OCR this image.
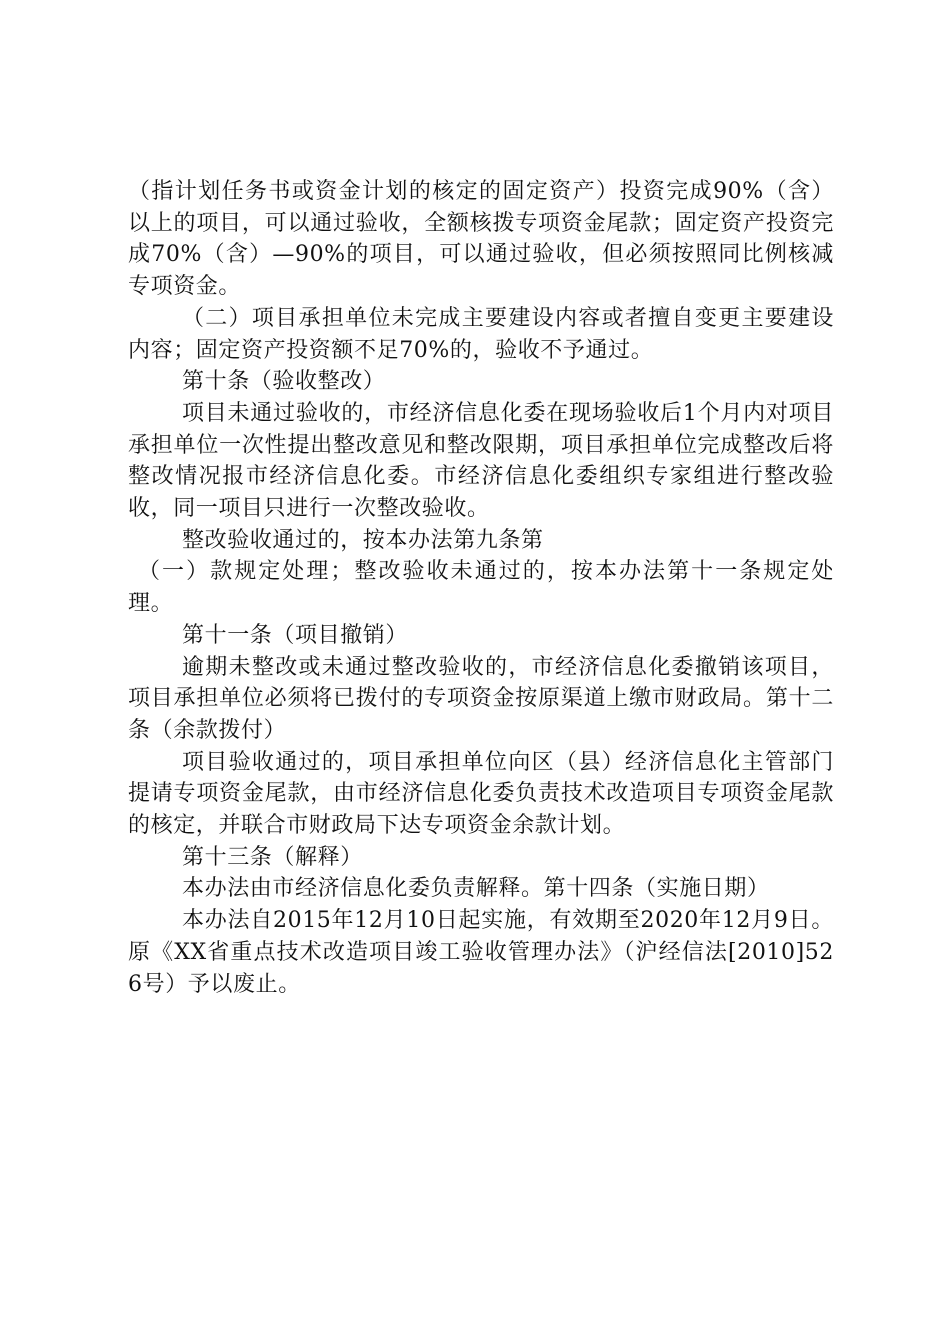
（指计划任务书或资金计划的核定的固定资产）投资完成90%（含）以上的项目，可以通过验收，全额核拨专项资金尾款；固定资产投资完成70%（含）—90%的项目，可以通过验收，但必须按照同比例核减专项资金。

（二）项目承担单位未完成主要建设内容或者擅自变更主要建设内容；固定资产投资额不足70%的，验收不予通过。

第十条（验收整改）

项目未通过验收的，市经济信息化委在现场验收后1个月内对项目承担单位一次性提出整改意见和整改限期，项目承担单位完成整改后将整改情况报市经济信息化委。市经济信息化委组织专家组进行整改验收，同一项目只进行一次整改验收。

整改验收通过的，按本办法第九条第

（一）款规定处理；整改验收未通过的，按本办法第十一条规定处理。

第十一条（项目撤销）

逾期未整改或未通过整改验收的，市经济信息化委撤销该项目，项目承担单位必须将已拨付的专项资金按原渠道上缴市财政局。第十二条（余款拨付）

项目验收通过的，项目承担单位向区（县）经济信息化主管部门提请专项资金尾款，由市经济信息化委负责技术改造项目专项资金尾款的核定，并联合市财政局下达专项资金余款计划。

第十三条（解释）

本办法由市经济信息化委负责解释。第十四条（实施日期）

本办法自2015年12月10日起实施，有效期至2020年12月9日。原《XX省重点技术改造项目竣工验收管理办法》（沪经信法[2010]526号）予以废止。
